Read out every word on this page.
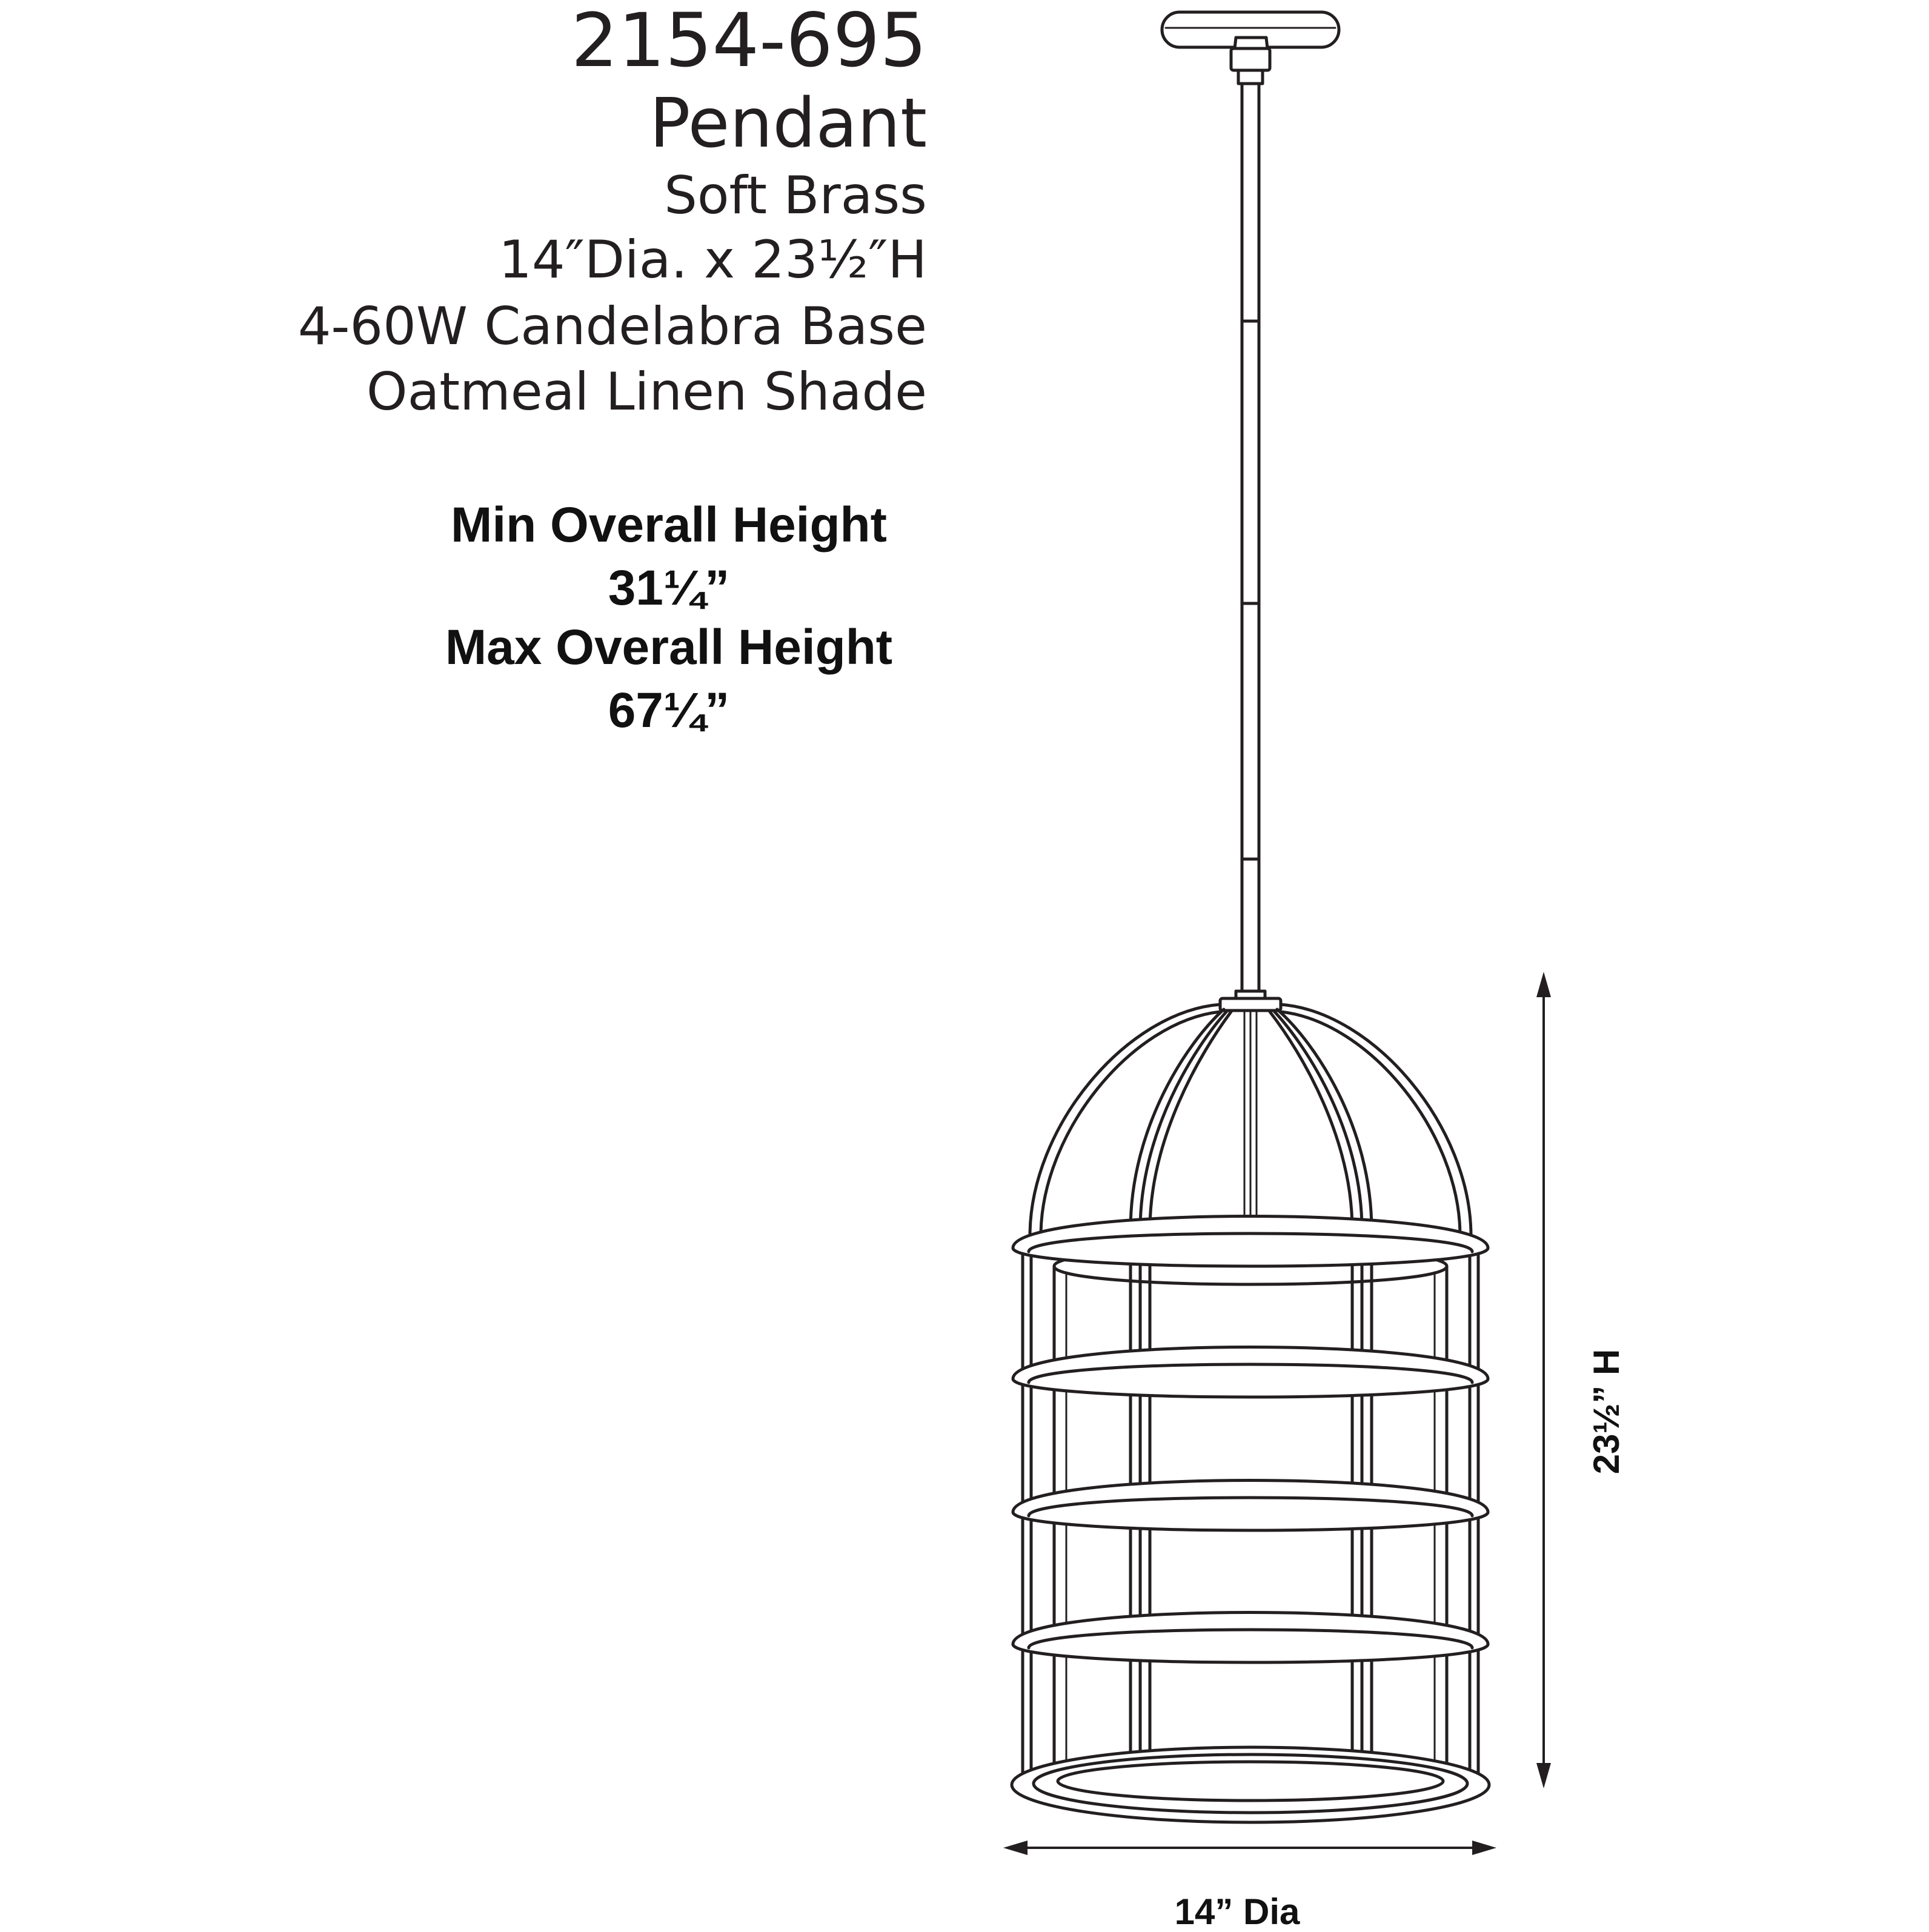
2154-695
Pendant
Soft Brass
14″Dia. x 23½″H
4-60W Candelabra Base
Oatmeal Linen Shade
Min Overall Height
31¼”
Max Overall Height
67¼”
14” Dia
23½” H
